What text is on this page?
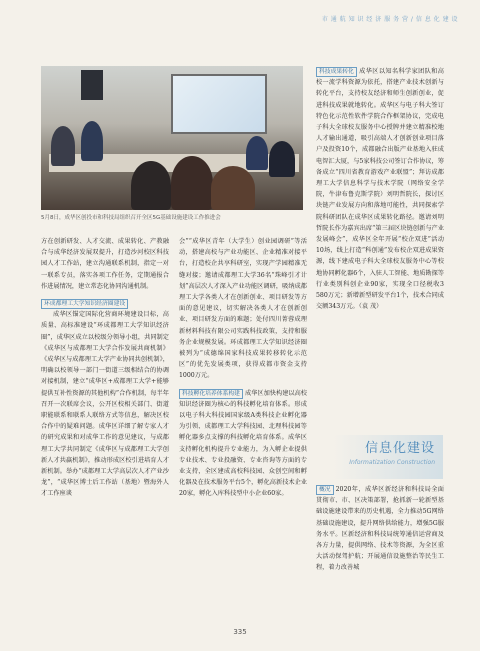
市 通 航 知 识 经 济 服 务 营 / 信 息 化 建 设
5月8日，成华区创投市和科技局组织召开全区5G基础设施建设工作推进会

方在创新研发、人才交流、成果转化、产教融合与成华经济发展双提升，打造沙河校区科技园人才工作站，建立沟通联系机制，指定一对一联系专员，落实各项工作任务，定期通报合作进展情况，建立常态化协同沟通机制。

环成都理工大学知识经济圈建设

成华区锚定国际化营商环境建设目标，高质量、高标准建设“环成都理工大学知识经济圈”，成华区成立以校级分领导小组，共同制定《成华区与成都理工大学合作发展共商机制》《成华区与成都理工大学产业协同共创机制》，明确以校领导一部门一街道三级相结合的协调对接机制，建立“成华区+成都理工大学+能够提供互补性资源的其他机构”合作机制，每半年召开一次联席会议，公开区校相关部门、街道职能联系和联系人联络方式等信息，解决区校合作中的疑难问题。成华区详细了解专家人才的研究成果和对成华工作的意见建议，与成都理工大学共同制定《成华区与成都理工大学创新人才共赢机制》，推动形成区校引进培育人才新机制。举办“成都理工大学高层次人才产业沙龙”，“成华区博士后工作站（基地）暨海外人才工作座谈

会”“成华区青年（大学生）创业园调研”等活动，搭建高校与产业功能区、企业精准对接平台，打造校企共享科研室，实现产学园精准无缝对接；邀请成都理工大学36名“珠峰引才计划”高层次人才深入产业功能区调研，吸纳成都理工大学各类人才在创新创业、项目研发等方面的意见建议，切实解决各类人才在创新创业、项目研发方面的难题；处付四川菁蓉成理新材料科技有限公司实践科技政策，支持和服务企业规模发展。环成都理工大学知识经济圈被列为“成德绵国家科技成果转移转化示范区”的优先发展类项，获得成都市资金支持1000万元。

科技孵化培养体系构建 成华区加快构建以高校知识经济圈为核心的科技孵化培育体系。形成以电子科大科技园国家级A类科技企业孵化器为引领、成都理工大学科技园、北理科技园等孵化器多点支撑的科技孵化培育体系。成华区支持孵化机构提升专业能力，为入孵企业提供专业技术、专业投融资、专业咨询等方面的专业支持，全区建成高校科技园、众创空间和孵化器及在技术服务平台5个，孵化高新技术企业20家，孵化入库科技型中小企业60家。

科技成果转化 成华区以知名科学家团队和高校一流学科资源为依托，搭建产业技术创新与转化平台，支持校友经济和师生创新创业，促进科技成果就地转化。成华区与电子科大签订特色化示范性软件学院合作框架协议，完成电子科大全球校友服务中心授牌并建立精准校地人才输出通道，吸引高端人才创新创业项目落户及投资10个，成都融合出版产业基地入驻成电智汇大厦，与5家科技公司签订合作协议，筹备成立“四川省教育游戏产业联盟”；拜访成都理工大学信息科学与技术学院（网络安全学院，牛津布鲁克斯学院）刘明哲院长，探讨区块链产业发展方向和落地可能性，共同探索学院科研团队在成华区成果转化路径。邀请刘明哲院长作为嘉宾出席“第三届区块链创新与产业发展峰会”，成华区全年开展“校企双进”活动10场，线上打造“科创通”发布校企双进成果资源，线下建成电子科大全球校友服务中心等校地协同孵化器6个，入驻人工智能、地质勘探等行业类别科创企业90家，实现全口径税收3 580万元；新增新型研发平台1个，技术合同成交额343万元。（袁 茂）

信息化建设
Informatization Construction

概况 2020年，成华区新经济和科技局全面贯彻市、市、区决策部署，抢抓新一轮新型基础设施建设带来的历史机遇，全力推动5G网络基础设施建设，提升网络供给能力，增强5G服务水平。区新经济和科技局统筹通信运营商及各方力量，提供网络、技术等资源，为全区重大活动保驾护航；开展通信设施整治等民生工程，着力改善城

335
